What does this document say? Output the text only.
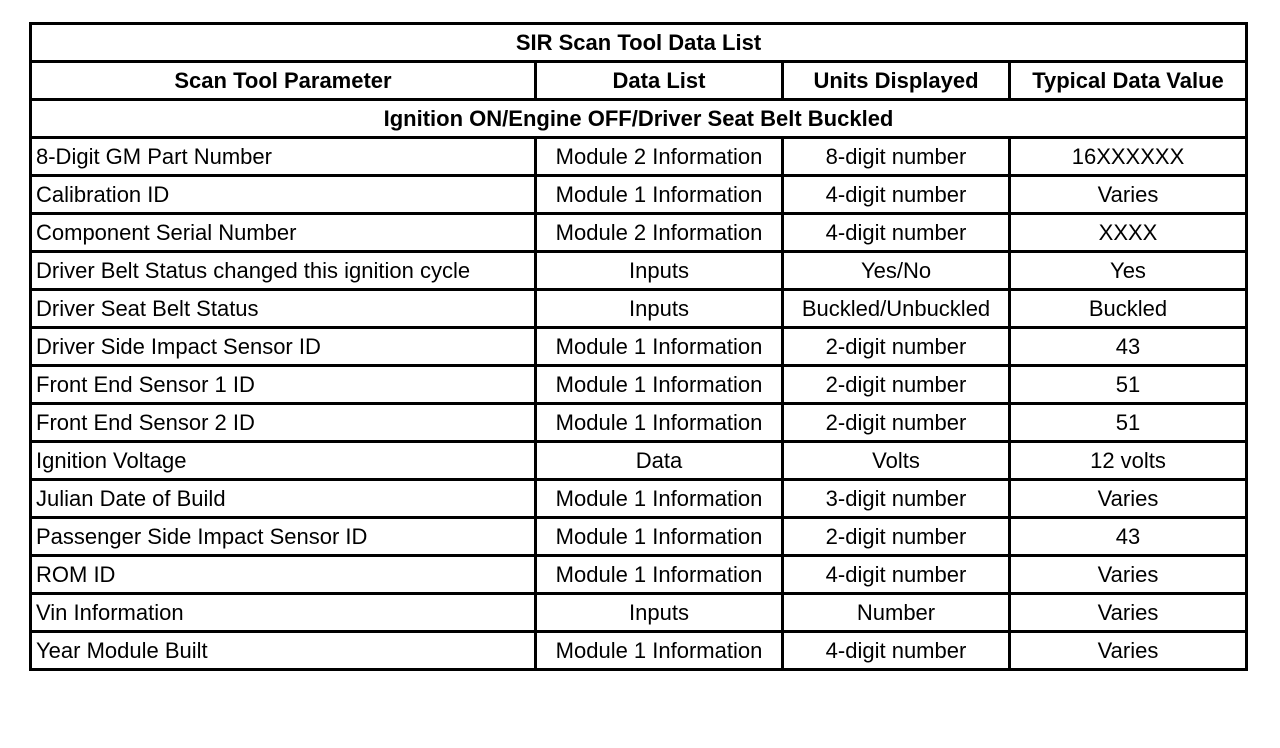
SIR Scan Tool Data List			
Scan Tool Parameter	Data List	Units Displayed	Typical Data Value
Ignition ON/Engine OFF/Driver Seat Belt Buckled			
8-Digit GM Part Number	Module 2 Information	8-digit number	16XXXXXX
Calibration ID	Module 1 Information	4-digit number	Varies
Component Serial Number	Module 2 Information	4-digit number	XXXX
Driver Belt Status changed this ignition cycle	Inputs	Yes/No	Yes
Driver Seat Belt Status	Inputs	Buckled/Unbuckled	Buckled
Driver Side Impact Sensor ID	Module 1 Information	2-digit number	43
Front End Sensor 1 ID	Module 1 Information	2-digit number	51
Front End Sensor 2 ID	Module 1 Information	2-digit number	51
Ignition Voltage	Data	Volts	12 volts
Julian Date of Build	Module 1 Information	3-digit number	Varies
Passenger Side Impact Sensor ID	Module 1 Information	2-digit number	43
ROM ID	Module 1 Information	4-digit number	Varies
Vin Information	Inputs	Number	Varies
Year Module Built	Module 1 Information	4-digit number	Varies
